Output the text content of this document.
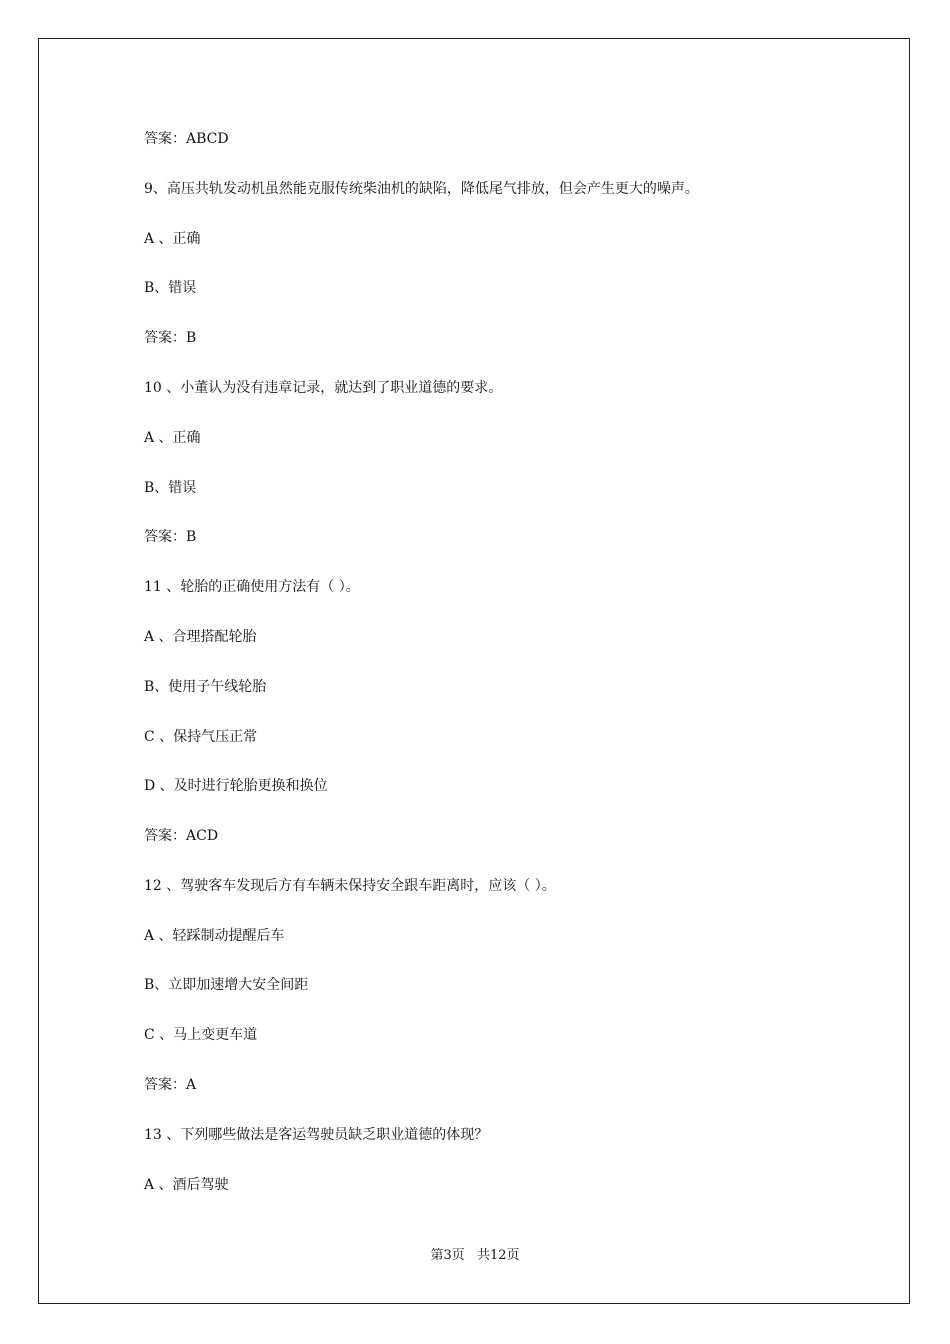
答案：ABCD
9、高压共轨发动机虽然能克服传统柴油机的缺陷，降低尾气排放，但会产生更大的噪声。
A 、正确
B、错误
答案：B
10 、小董认为没有违章记录，就达到了职业道德的要求。
A 、正确
B、错误
答案：B
11 、轮胎的正确使用方法有（ ）。
A 、合理搭配轮胎
B、使用子午线轮胎
C 、保持气压正常
D 、及时进行轮胎更换和换位
答案：ACD
12 、驾驶客车发现后方有车辆未保持安全跟车距离时，应该（ ）。
A 、轻踩制动提醒后车
B、立即加速增大安全间距
C 、马上变更车道
答案：A
13 、下列哪些做法是客运驾驶员缺乏职业道德的体现？
A 、酒后驾驶
第3页 共12页
